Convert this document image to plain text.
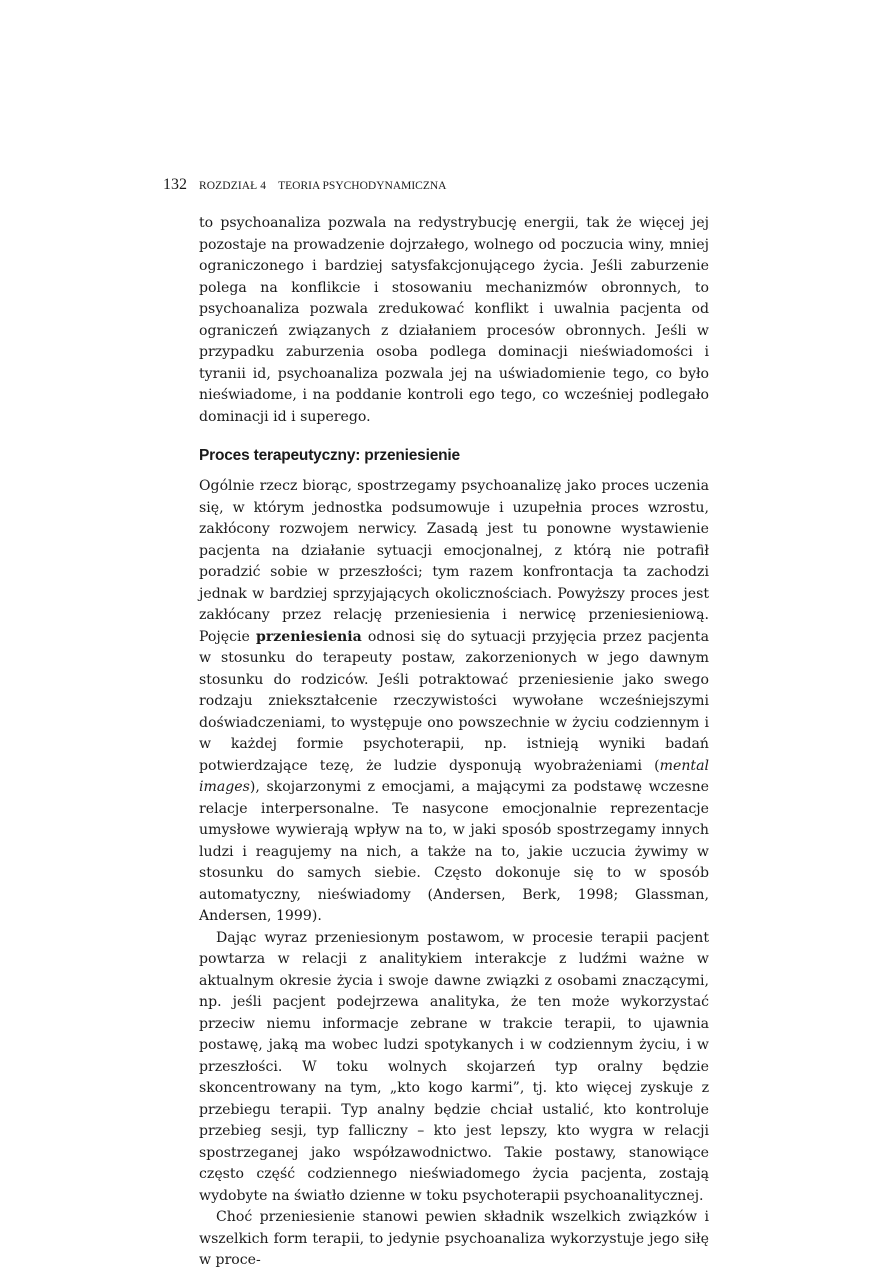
132 ROZDZIAŁ 4 TEORIA PSYCHODYNAMICZNA

to psychoanaliza pozwala na redystrybucję energii, tak że więcej jej pozostaje na prowadzenie dojrzałego, wolnego od poczucia winy, mniej ograniczonego i bardziej satysfakcjonującego życia. Jeśli zaburzenie polega na konflikcie i stosowaniu mechanizmów obronnych, to psychoanaliza pozwala zredukować konflikt i uwalnia pacjenta od ograniczeń związanych z działaniem procesów obronnych. Jeśli w przypadku zaburzenia osoba podlega dominacji nieświadomości i tyranii id, psychoanaliza pozwala jej na uświadomienie tego, co było nieświadome, i na poddanie kontroli ego tego, co wcześniej podlegało dominacji id i superego.

Proces terapeutyczny: przeniesienie

Ogólnie rzecz biorąc, spostrzegamy psychoanalizę jako proces uczenia się, w którym jednostka podsumowuje i uzupełnia proces wzrostu, zakłócony rozwojem nerwicy. Zasadą jest tu ponowne wystawienie pacjenta na działanie sytuacji emocjonalnej, z którą nie potrafił poradzić sobie w przeszłości; tym razem konfrontacja ta zachodzi jednak w bardziej sprzyjających okolicznościach. Powyższy proces jest zakłócany przez relację przeniesienia i nerwicę przeniesieniową. Pojęcie przeniesienia odnosi się do sytuacji przyjęcia przez pacjenta w stosunku do terapeuty postaw, zakorzenionych w jego dawnym stosunku do rodziców. Jeśli potraktować przeniesienie jako swego rodzaju zniekształcenie rzeczywistości wywołane wcześniejszymi doświadczeniami, to występuje ono powszechnie w życiu codziennym i w każdej formie psychoterapii, np. istnieją wyniki badań potwierdzające tezę, że ludzie dysponują wyobrażeniami (mental images), skojarzonymi z emocjami, a mającymi za podstawę wczesne relacje interpersonalne. Te nasycone emocjonalnie reprezentacje umysłowe wywierają wpływ na to, w jaki sposób spostrzegamy innych ludzi i reagujemy na nich, a także na to, jakie uczucia żywimy w stosunku do samych siebie. Często dokonuje się to w sposób automatyczny, nieświadomy (Andersen, Berk, 1998; Glassman, Andersen, 1999).

Dając wyraz przeniesionym postawom, w procesie terapii pacjent powtarza w relacji z analitykiem interakcje z ludźmi ważne w aktualnym okresie życia i swoje dawne związki z osobami znaczącymi, np. jeśli pacjent podejrzewa analityka, że ten może wykorzystać przeciw niemu informacje zebrane w trakcie terapii, to ujawnia postawę, jaką ma wobec ludzi spotykanych i w codziennym życiu, i w przeszłości. W toku wolnych skojarzeń typ oralny będzie skoncentrowany na tym, „kto kogo karmi”, tj. kto więcej zyskuje z przebiegu terapii. Typ analny będzie chciał ustalić, kto kontroluje przebieg sesji, typ falliczny – kto jest lepszy, kto wygra w relacji spostrzeganej jako współzawodnictwo. Takie postawy, stanowiące często część codziennego nieświadomego życia pacjenta, zostają wydobyte na światło dzienne w toku psychoterapii psychoanalitycznej.

Choć przeniesienie stanowi pewien składnik wszelkich związków i wszelkich form terapii, to jedynie psychoanaliza wykorzystuje jego siłę w proce-
